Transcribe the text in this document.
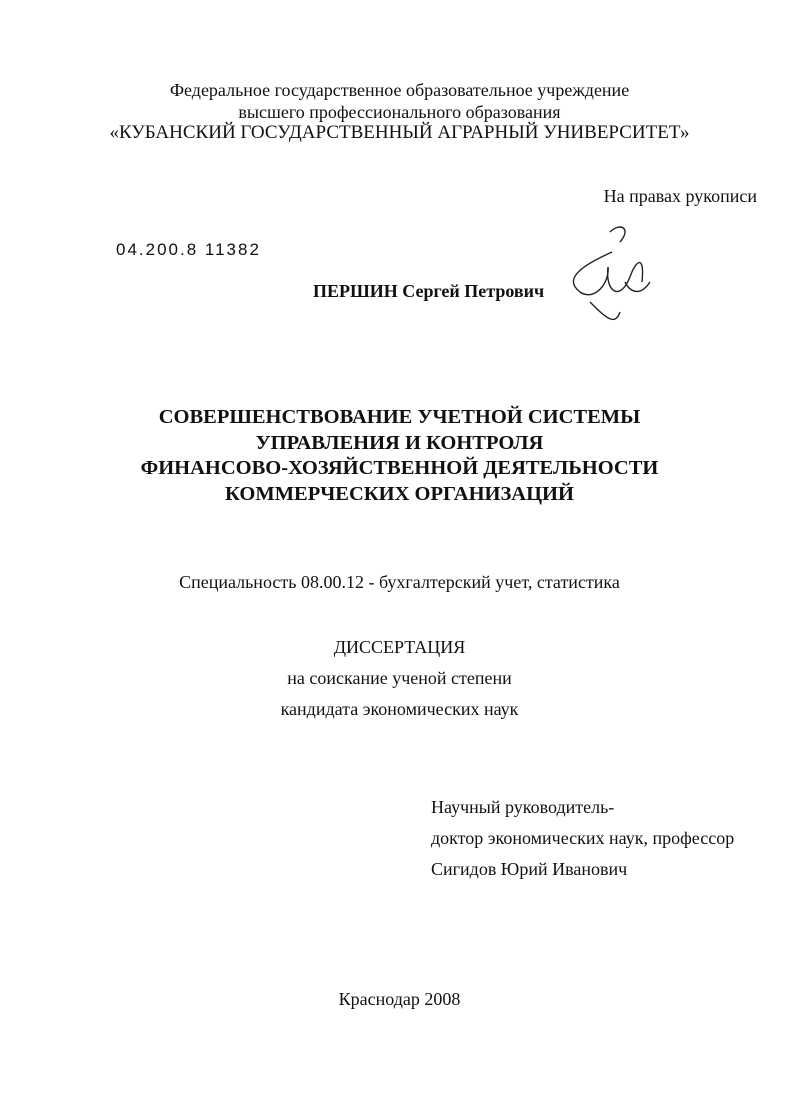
Федеральное государственное образовательное учреждение
высшего профессионального образования
«КУБАНСКИЙ ГОСУДАРСТВЕННЫЙ АГРАРНЫЙ УНИВЕРСИТЕТ»
На правах рукописи
04.200.8 11382
ПЕРШИН Сергей Петрович
СОВЕРШЕНСТВОВАНИЕ УЧЕТНОЙ СИСТЕМЫ
УПРАВЛЕНИЯ И КОНТРОЛЯ
ФИНАНСОВО-ХОЗЯЙСТВЕННОЙ ДЕЯТЕЛЬНОСТИ
КОММЕРЧЕСКИХ ОРГАНИЗАЦИЙ
Специальность 08.00.12 - бухгалтерский учет, статистика
ДИССЕРТАЦИЯ
на соискание ученой степени
кандидата экономических наук
Научный руководитель-
доктор экономических наук, профессор
Сигидов Юрий Иванович
Краснодар 2008
